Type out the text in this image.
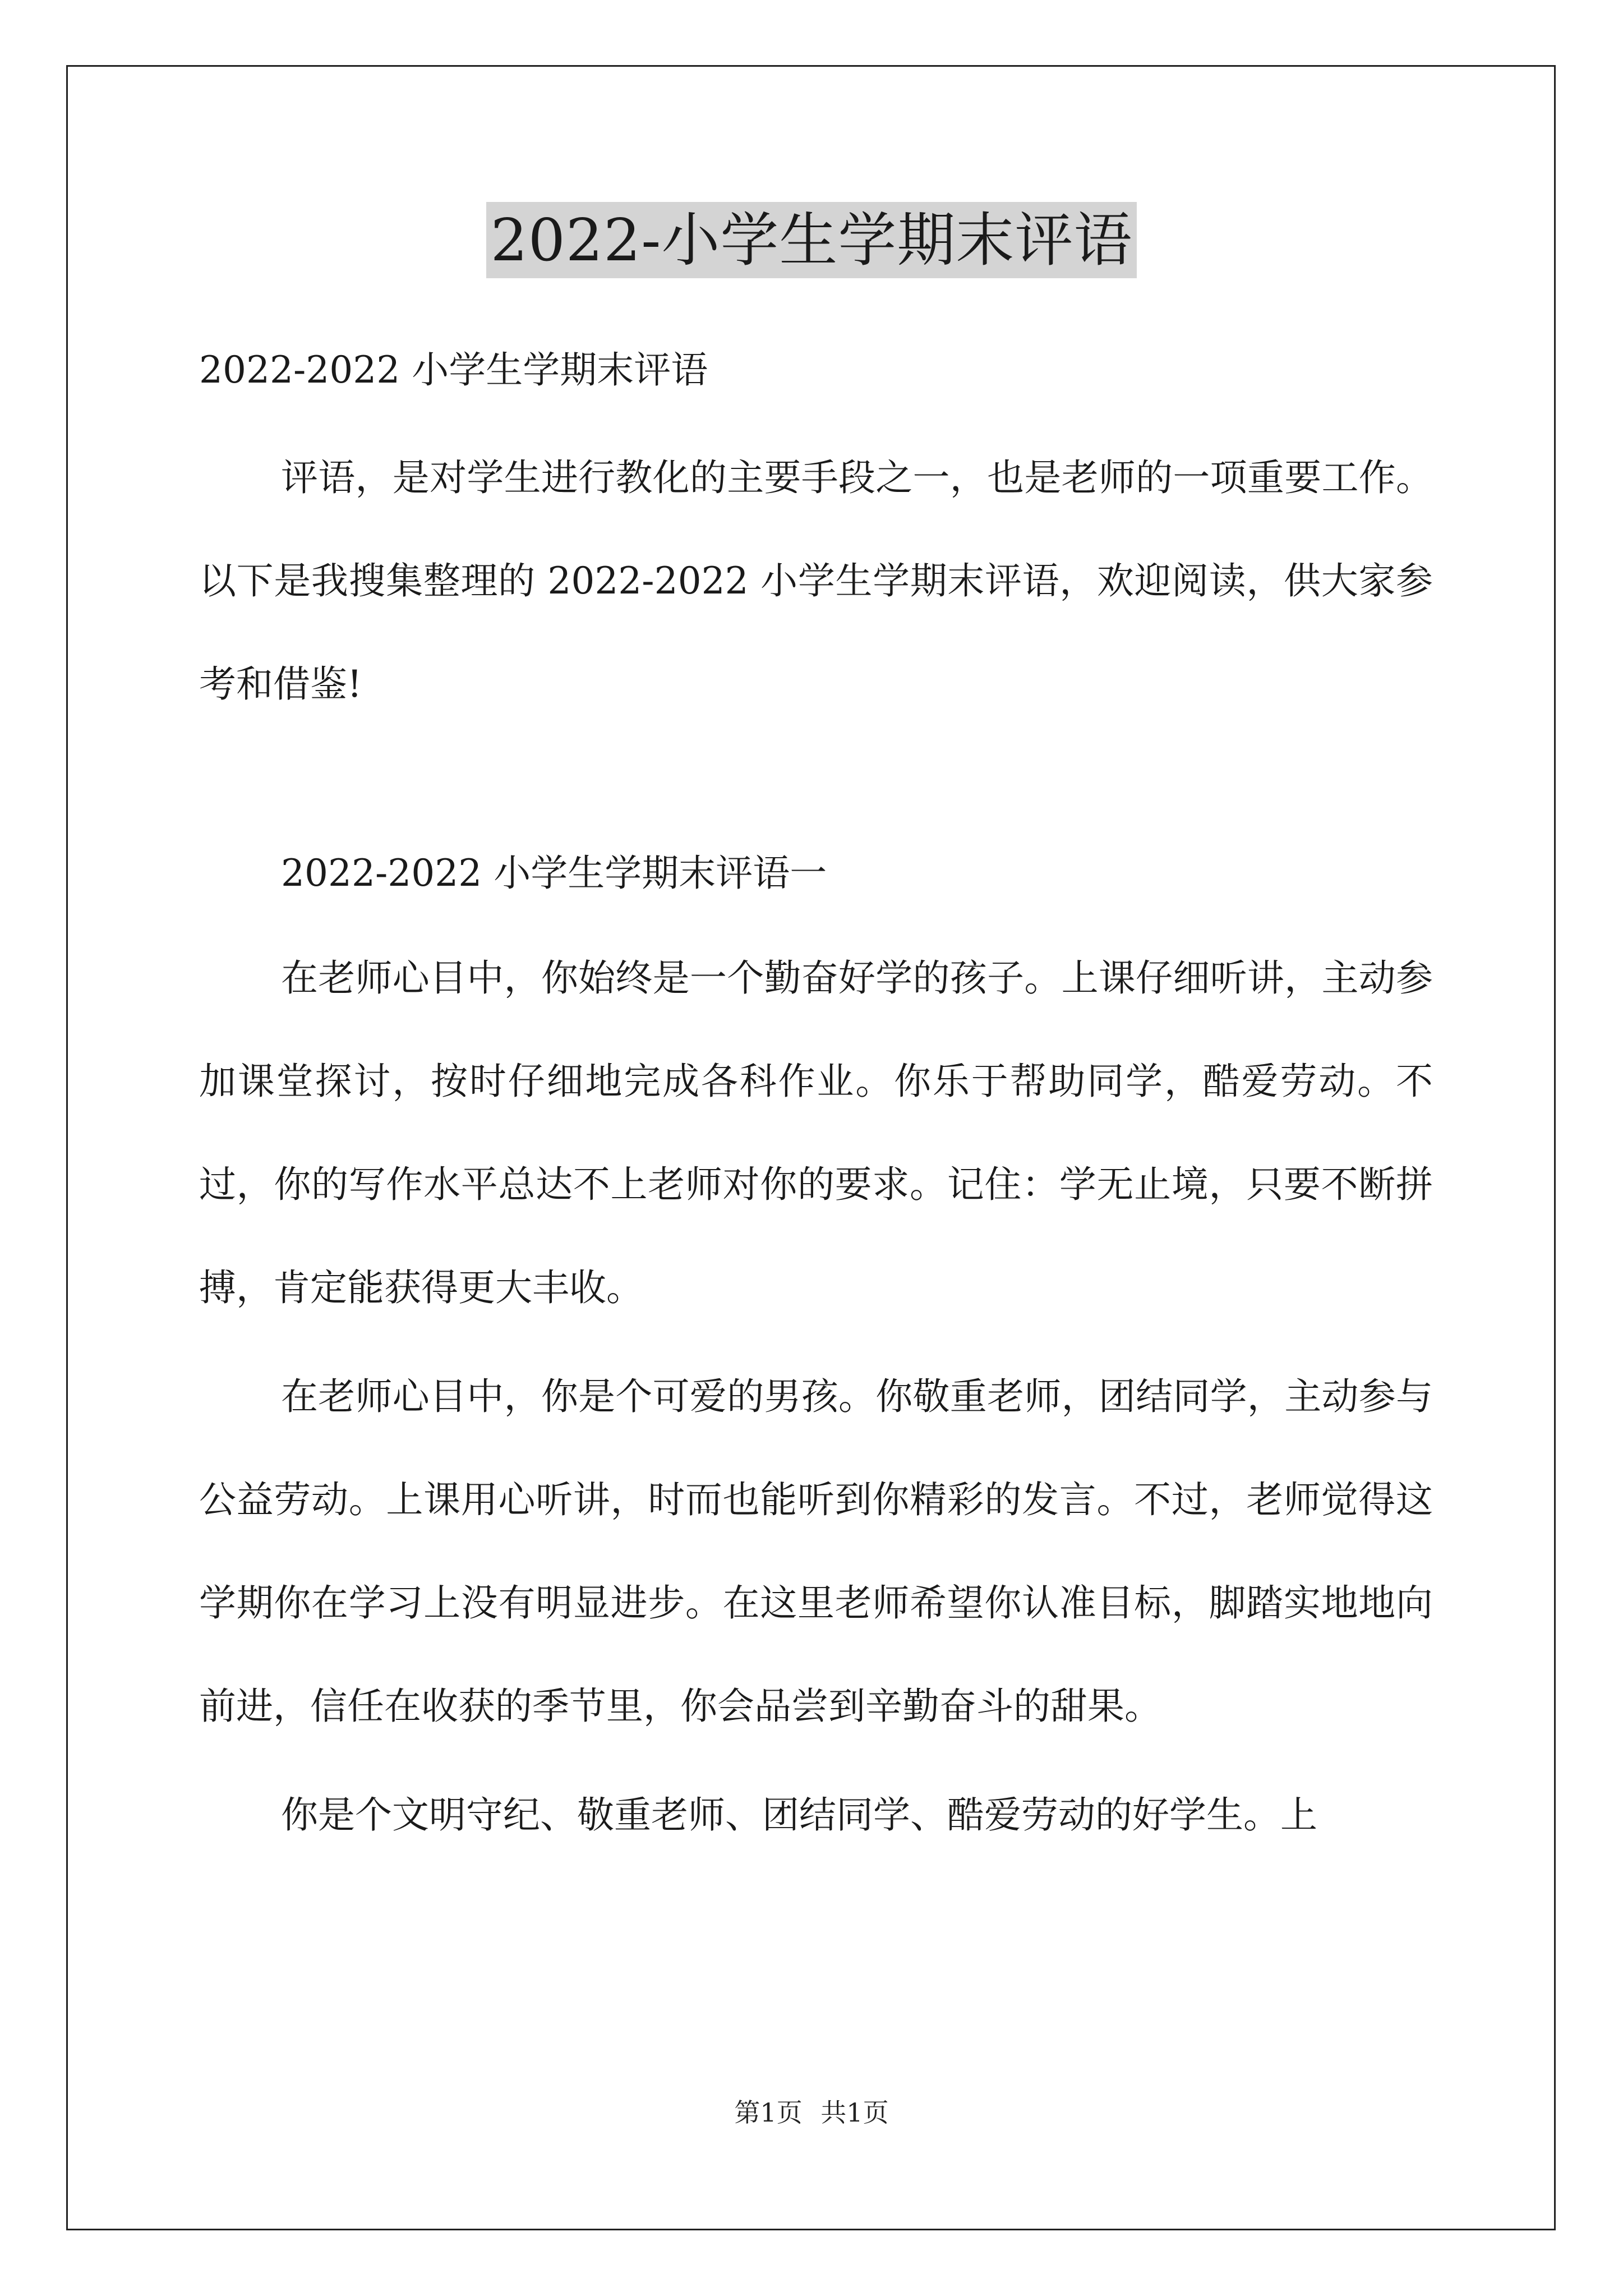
2022-小学生学期末评语

2022-2022 小学生学期末评语

评语，是对学生进行教化的主要手段之一，也是老师的一项重要工作。以下是我搜集整理的 2022-2022 小学生学期末评语，欢迎阅读，供大家参考和借鉴!

2022-2022 小学生学期末评语一

在老师心目中，你始终是一个勤奋好学的孩子。上课仔细听讲，主动参加课堂探讨，按时仔细地完成各科作业。你乐于帮助同学，酷爱劳动。不过，你的写作水平总达不上老师对你的要求。记住：学无止境，只要不断拼搏，肯定能获得更大丰收。

在老师心目中，你是个可爱的男孩。你敬重老师，团结同学，主动参与公益劳动。上课用心听讲，时而也能听到你精彩的发言。不过，老师觉得这学期你在学习上没有明显进步。在这里老师希望你认准目标，脚踏实地地向前进，信任在收获的季节里，你会品尝到辛勤奋斗的甜果。

你是个文明守纪、敬重老师、团结同学、酷爱劳动的好学生。上

第1页 共1页
